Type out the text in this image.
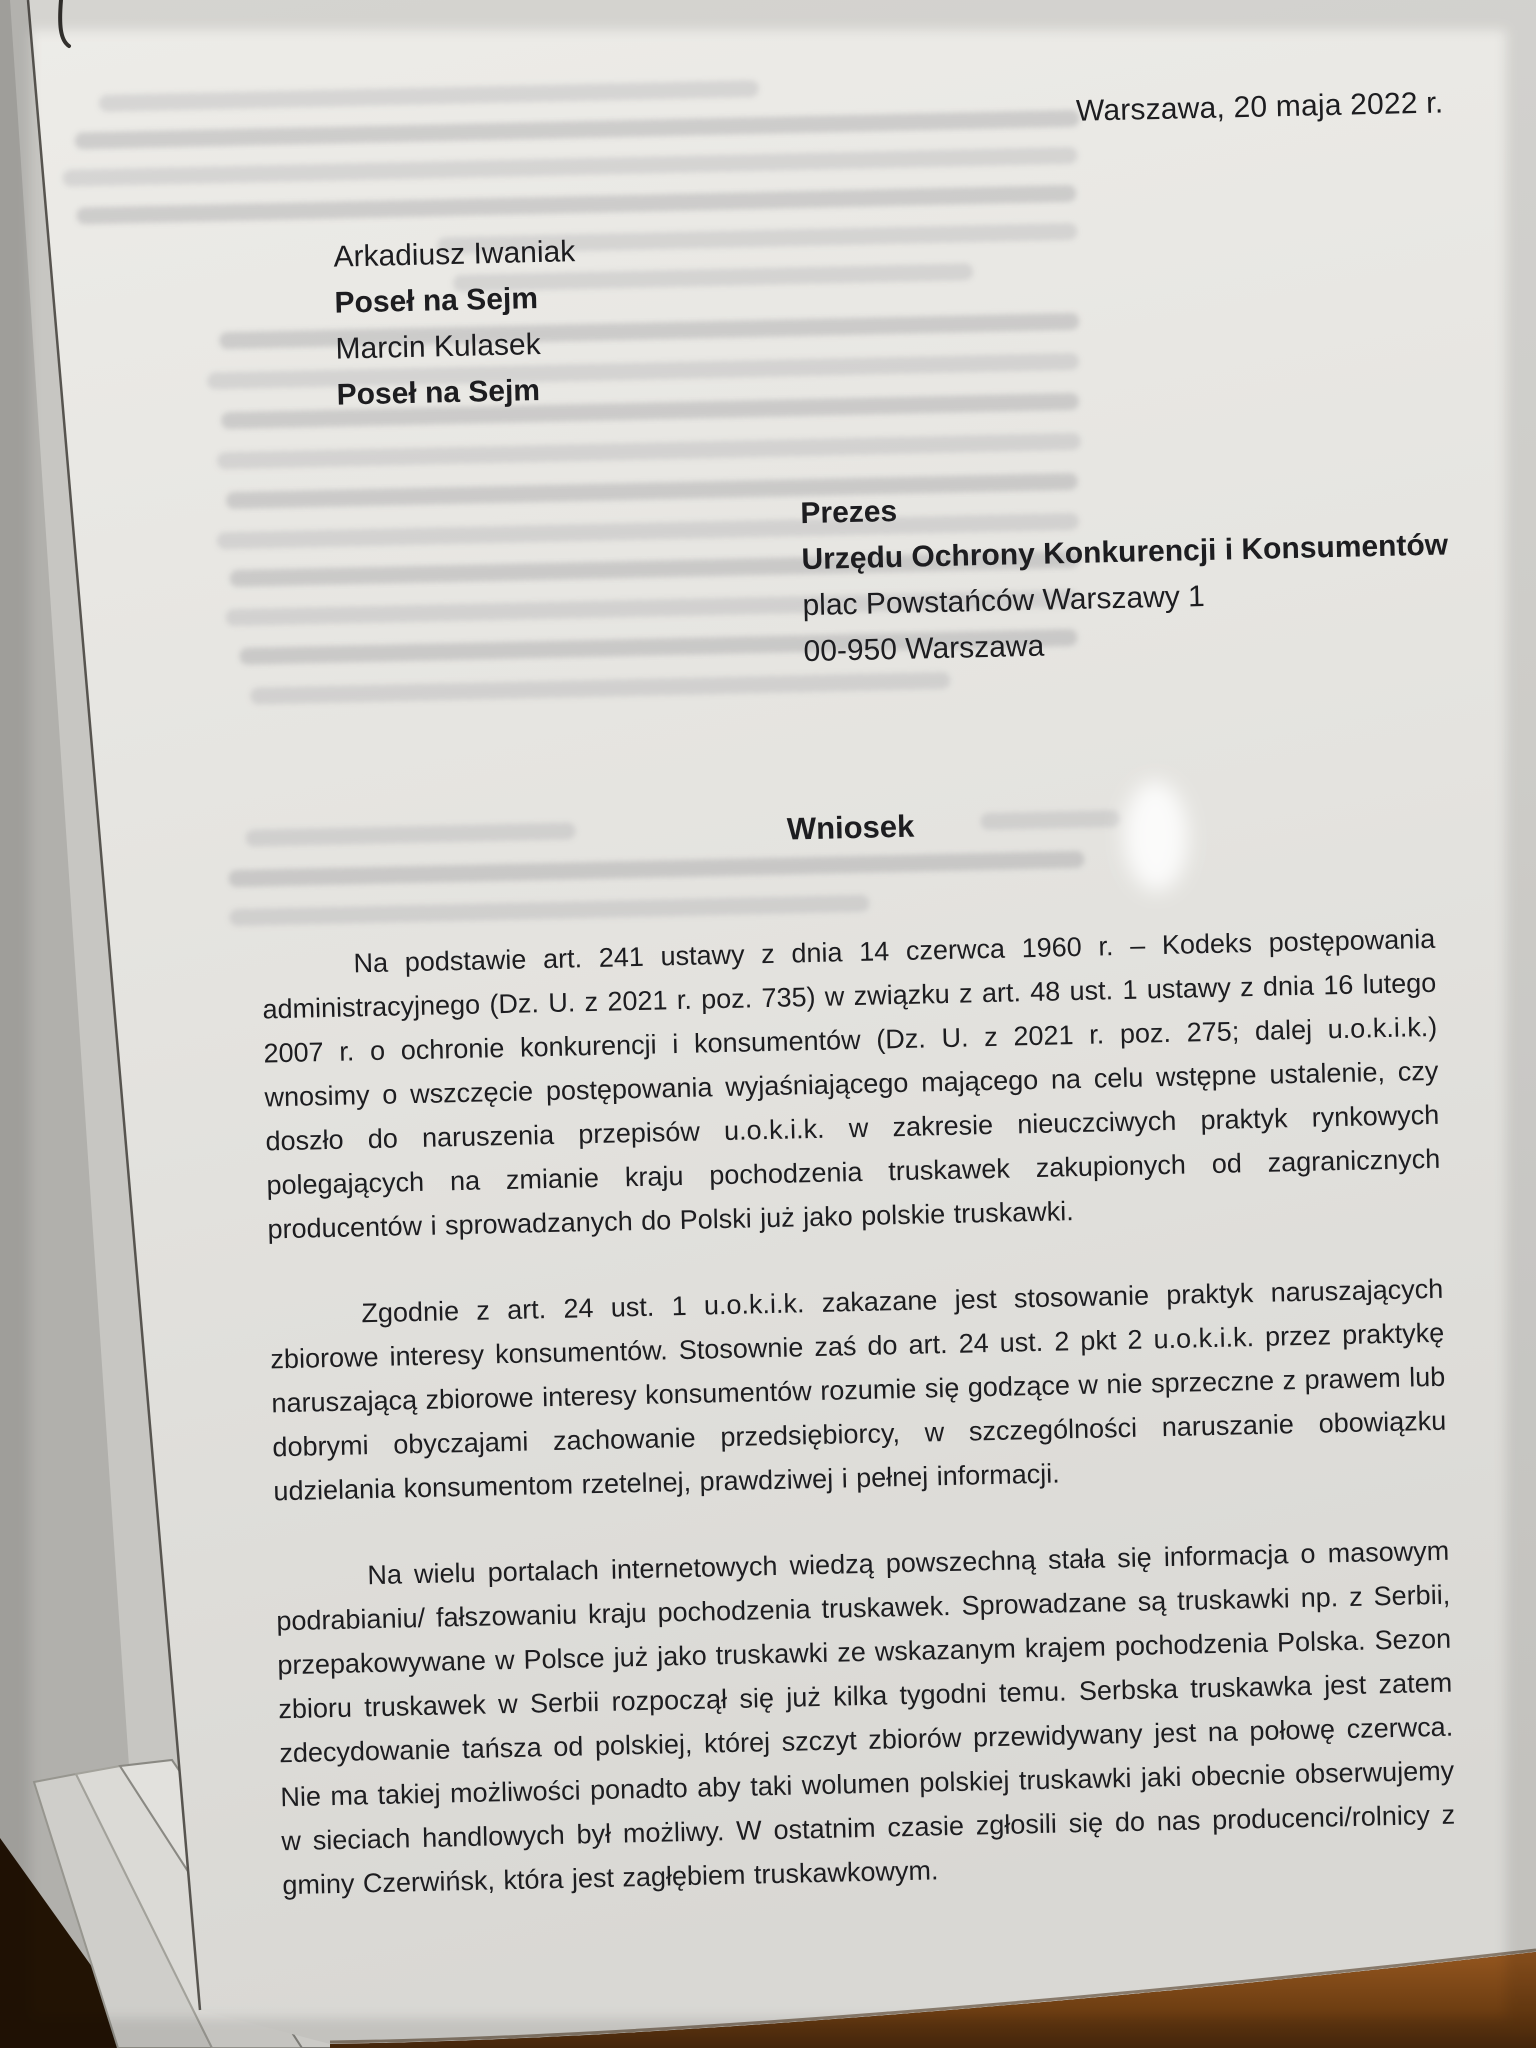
Warszawa, 20 maja 2022 r.
Arkadiusz Iwaniak
Poseł na Sejm
Marcin Kulasek
Poseł na Sejm
Prezes
Urzędu Ochrony Konkurencji i Konsumentów
plac Powstańców Warszawy 1
00-950 Warszawa
Wniosek

Na podstawie art. 241 ustawy z dnia 14 czerwca 1960 r. – Kodeks postępowania administracyjnego (Dz. U. z 2021 r. poz. 735) w związku z art. 48 ust. 1 ustawy z dnia 16 lutego 2007 r. o ochronie konkurencji i konsumentów (Dz. U. z 2021 r. poz. 275; dalej u.o.k.i.k.) wnosimy o wszczęcie postępowania wyjaśniającego mającego na celu wstępne ustalenie, czy doszło do naruszenia przepisów u.o.k.i.k. w zakresie nieuczciwych praktyk rynkowych polegających na zmianie kraju pochodzenia truskawek zakupionych od zagranicznych producentów i sprowadzanych do Polski już jako polskie truskawki.

Zgodnie z art. 24 ust. 1 u.o.k.i.k. zakazane jest stosowanie praktyk naruszających zbiorowe interesy konsumentów. Stosownie zaś do art. 24 ust. 2 pkt 2 u.o.k.i.k. przez praktykę naruszającą zbiorowe interesy konsumentów rozumie się godzące w nie sprzeczne z prawem lub dobrymi obyczajami zachowanie przedsiębiorcy, w szczególności naruszanie obowiązku udzielania konsumentom rzetelnej, prawdziwej i pełnej informacji.

Na wielu portalach internetowych wiedzą powszechną stała się informacja o masowym podrabianiu/ fałszowaniu kraju pochodzenia truskawek. Sprowadzane są truskawki np. z Serbii, przepakowywane w Polsce już jako truskawki ze wskazanym krajem pochodzenia Polska. Sezon zbioru truskawek w Serbii rozpoczął się już kilka tygodni temu. Serbska truskawka jest zatem zdecydowanie tańsza od polskiej, której szczyt zbiorów przewidywany jest na połowę czerwca. Nie ma takiej możliwości ponadto aby taki wolumen polskiej truskawki jaki obecnie obserwujemy w sieciach handlowych był możliwy. W ostatnim czasie zgłosili się do nas producenci/rolnicy z gminy Czerwińsk, która jest zagłębiem truskawkowym.
